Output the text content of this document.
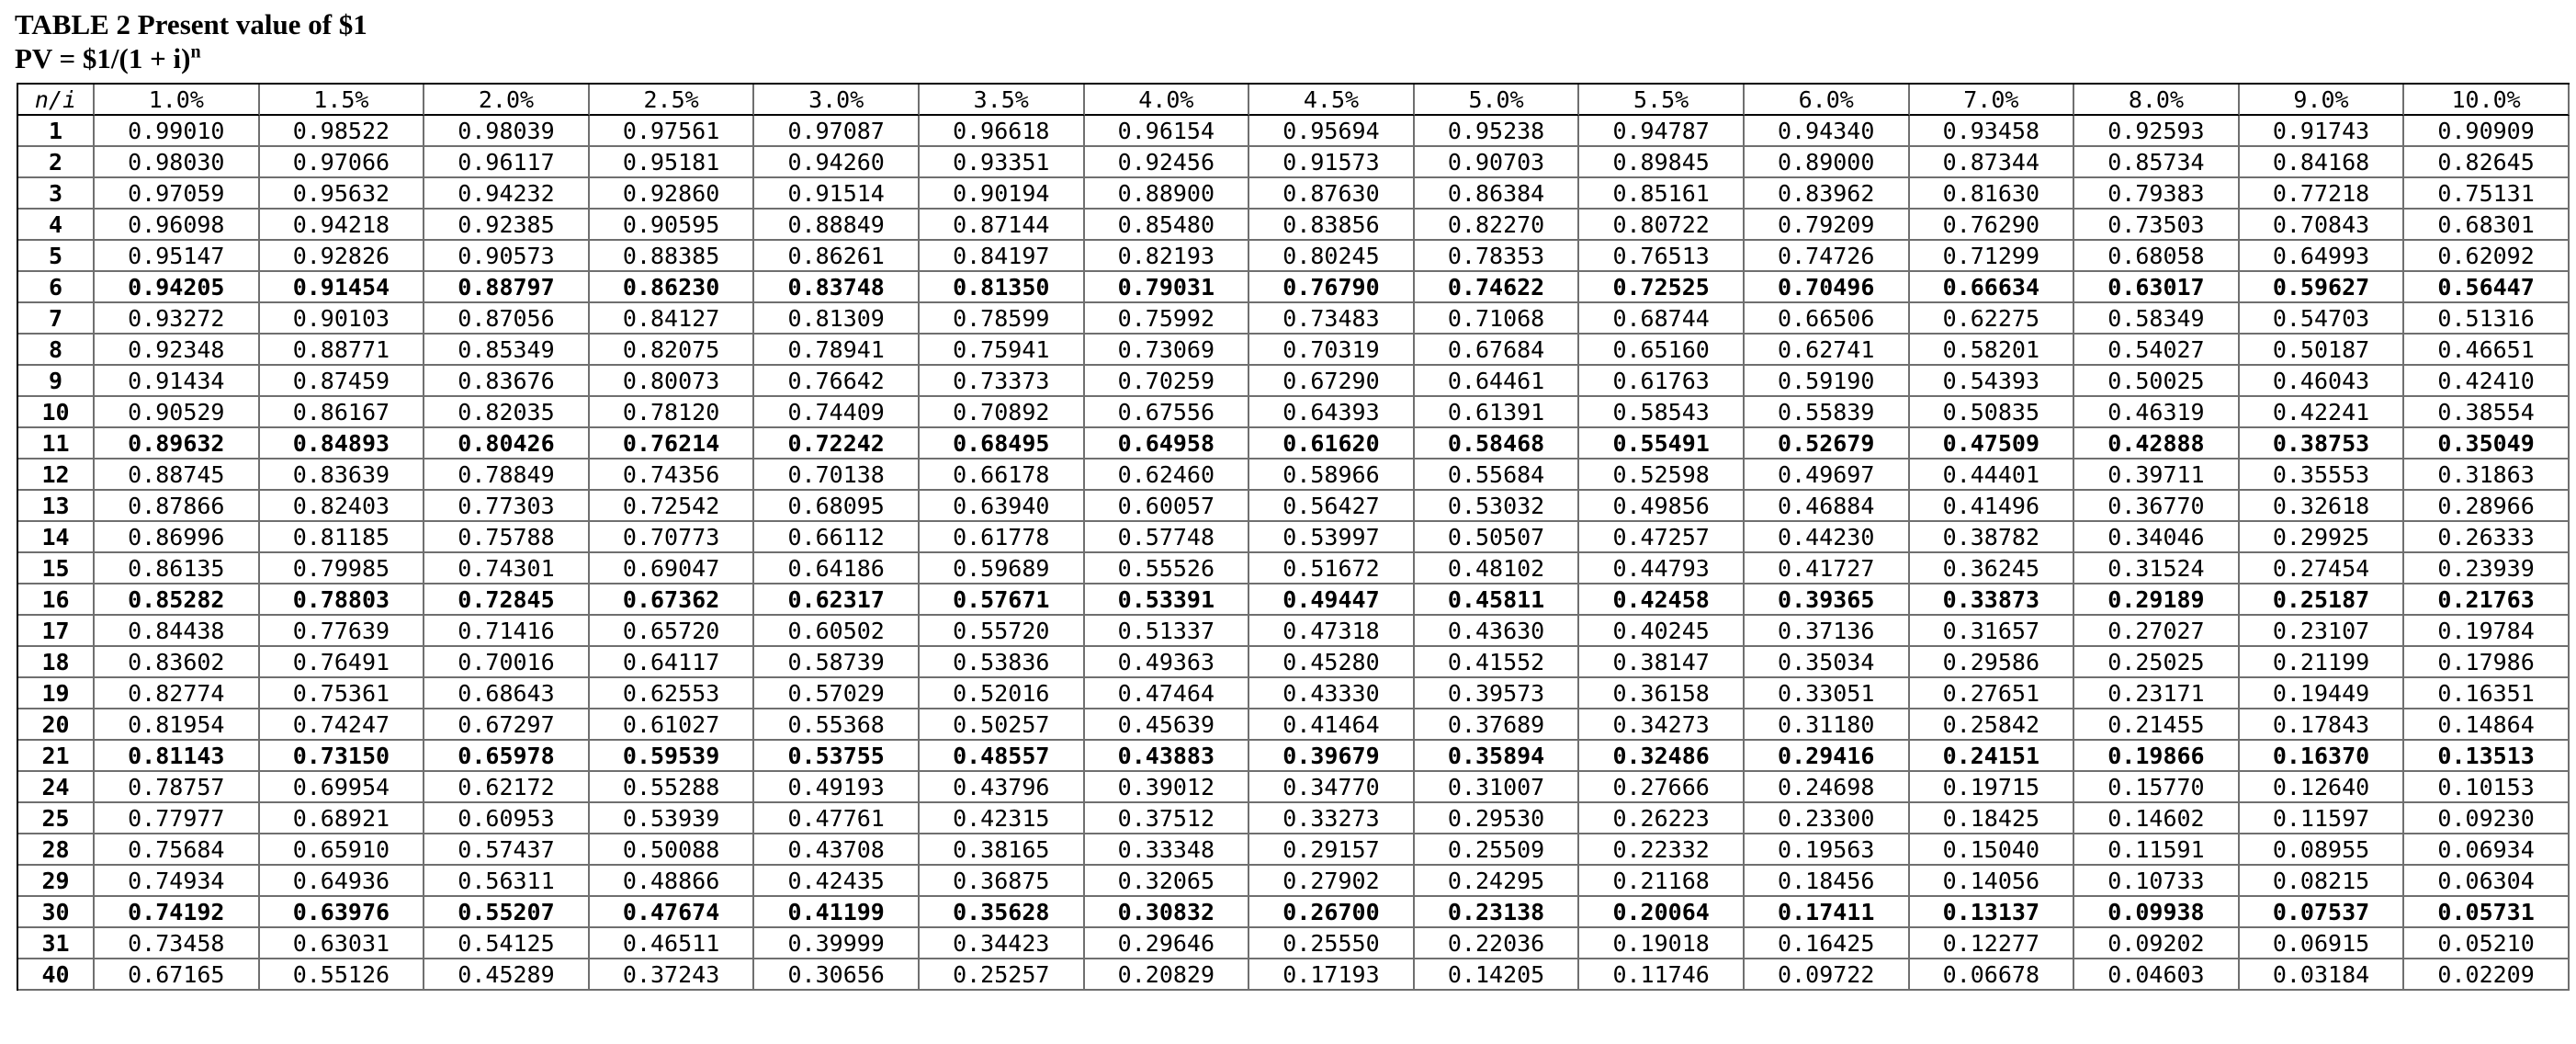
TABLE 2 Present value of $1
PV = $1/(1 + i)$^n$
n/i	1.0%	1.5%	2.0%	2.5%	3.0%	3.5%	4.0%	4.5%	5.0%	5.5%	6.0%	7.0%	8.0%	9.0%	10.0%
1	0.99010	0.98522	0.98039	0.97561	0.97087	0.96618	0.96154	0.95694	0.95238	0.94787	0.94340	0.93458	0.92593	0.91743	0.90909
2	0.98030	0.97066	0.96117	0.95181	0.94260	0.93351	0.92456	0.91573	0.90703	0.89845	0.89000	0.87344	0.85734	0.84168	0.82645
3	0.97059	0.95632	0.94232	0.92860	0.91514	0.90194	0.88900	0.87630	0.86384	0.85161	0.83962	0.81630	0.79383	0.77218	0.75131
4	0.96098	0.94218	0.92385	0.90595	0.88849	0.87144	0.85480	0.83856	0.82270	0.80722	0.79209	0.76290	0.73503	0.70843	0.68301
5	0.95147	0.92826	0.90573	0.88385	0.86261	0.84197	0.82193	0.80245	0.78353	0.76513	0.74726	0.71299	0.68058	0.64993	0.62092
6	0.94205	0.91454	0.88797	0.86230	0.83748	0.81350	0.79031	0.76790	0.74622	0.72525	0.70496	0.66634	0.63017	0.59627	0.56447
7	0.93272	0.90103	0.87056	0.84127	0.81309	0.78599	0.75992	0.73483	0.71068	0.68744	0.66506	0.62275	0.58349	0.54703	0.51316
8	0.92348	0.88771	0.85349	0.82075	0.78941	0.75941	0.73069	0.70319	0.67684	0.65160	0.62741	0.58201	0.54027	0.50187	0.46651
9	0.91434	0.87459	0.83676	0.80073	0.76642	0.73373	0.70259	0.67290	0.64461	0.61763	0.59190	0.54393	0.50025	0.46043	0.42410
10	0.90529	0.86167	0.82035	0.78120	0.74409	0.70892	0.67556	0.64393	0.61391	0.58543	0.55839	0.50835	0.46319	0.42241	0.38554
11	0.89632	0.84893	0.80426	0.76214	0.72242	0.68495	0.64958	0.61620	0.58468	0.55491	0.52679	0.47509	0.42888	0.38753	0.35049
12	0.88745	0.83639	0.78849	0.74356	0.70138	0.66178	0.62460	0.58966	0.55684	0.52598	0.49697	0.44401	0.39711	0.35553	0.31863
13	0.87866	0.82403	0.77303	0.72542	0.68095	0.63940	0.60057	0.56427	0.53032	0.49856	0.46884	0.41496	0.36770	0.32618	0.28966
14	0.86996	0.81185	0.75788	0.70773	0.66112	0.61778	0.57748	0.53997	0.50507	0.47257	0.44230	0.38782	0.34046	0.29925	0.26333
15	0.86135	0.79985	0.74301	0.69047	0.64186	0.59689	0.55526	0.51672	0.48102	0.44793	0.41727	0.36245	0.31524	0.27454	0.23939
16	0.85282	0.78803	0.72845	0.67362	0.62317	0.57671	0.53391	0.49447	0.45811	0.42458	0.39365	0.33873	0.29189	0.25187	0.21763
17	0.84438	0.77639	0.71416	0.65720	0.60502	0.55720	0.51337	0.47318	0.43630	0.40245	0.37136	0.31657	0.27027	0.23107	0.19784
18	0.83602	0.76491	0.70016	0.64117	0.58739	0.53836	0.49363	0.45280	0.41552	0.38147	0.35034	0.29586	0.25025	0.21199	0.17986
19	0.82774	0.75361	0.68643	0.62553	0.57029	0.52016	0.47464	0.43330	0.39573	0.36158	0.33051	0.27651	0.23171	0.19449	0.16351
20	0.81954	0.74247	0.67297	0.61027	0.55368	0.50257	0.45639	0.41464	0.37689	0.34273	0.31180	0.25842	0.21455	0.17843	0.14864
21	0.81143	0.73150	0.65978	0.59539	0.53755	0.48557	0.43883	0.39679	0.35894	0.32486	0.29416	0.24151	0.19866	0.16370	0.13513
24	0.78757	0.69954	0.62172	0.55288	0.49193	0.43796	0.39012	0.34770	0.31007	0.27666	0.24698	0.19715	0.15770	0.12640	0.10153
25	0.77977	0.68921	0.60953	0.53939	0.47761	0.42315	0.37512	0.33273	0.29530	0.26223	0.23300	0.18425	0.14602	0.11597	0.09230
28	0.75684	0.65910	0.57437	0.50088	0.43708	0.38165	0.33348	0.29157	0.25509	0.22332	0.19563	0.15040	0.11591	0.08955	0.06934
29	0.74934	0.64936	0.56311	0.48866	0.42435	0.36875	0.32065	0.27902	0.24295	0.21168	0.18456	0.14056	0.10733	0.08215	0.06304
30	0.74192	0.63976	0.55207	0.47674	0.41199	0.35628	0.30832	0.26700	0.23138	0.20064	0.17411	0.13137	0.09938	0.07537	0.05731
31	0.73458	0.63031	0.54125	0.46511	0.39999	0.34423	0.29646	0.25550	0.22036	0.19018	0.16425	0.12277	0.09202	0.06915	0.05210
40	0.67165	0.55126	0.45289	0.37243	0.30656	0.25257	0.20829	0.17193	0.14205	0.11746	0.09722	0.06678	0.04603	0.03184	0.02209
